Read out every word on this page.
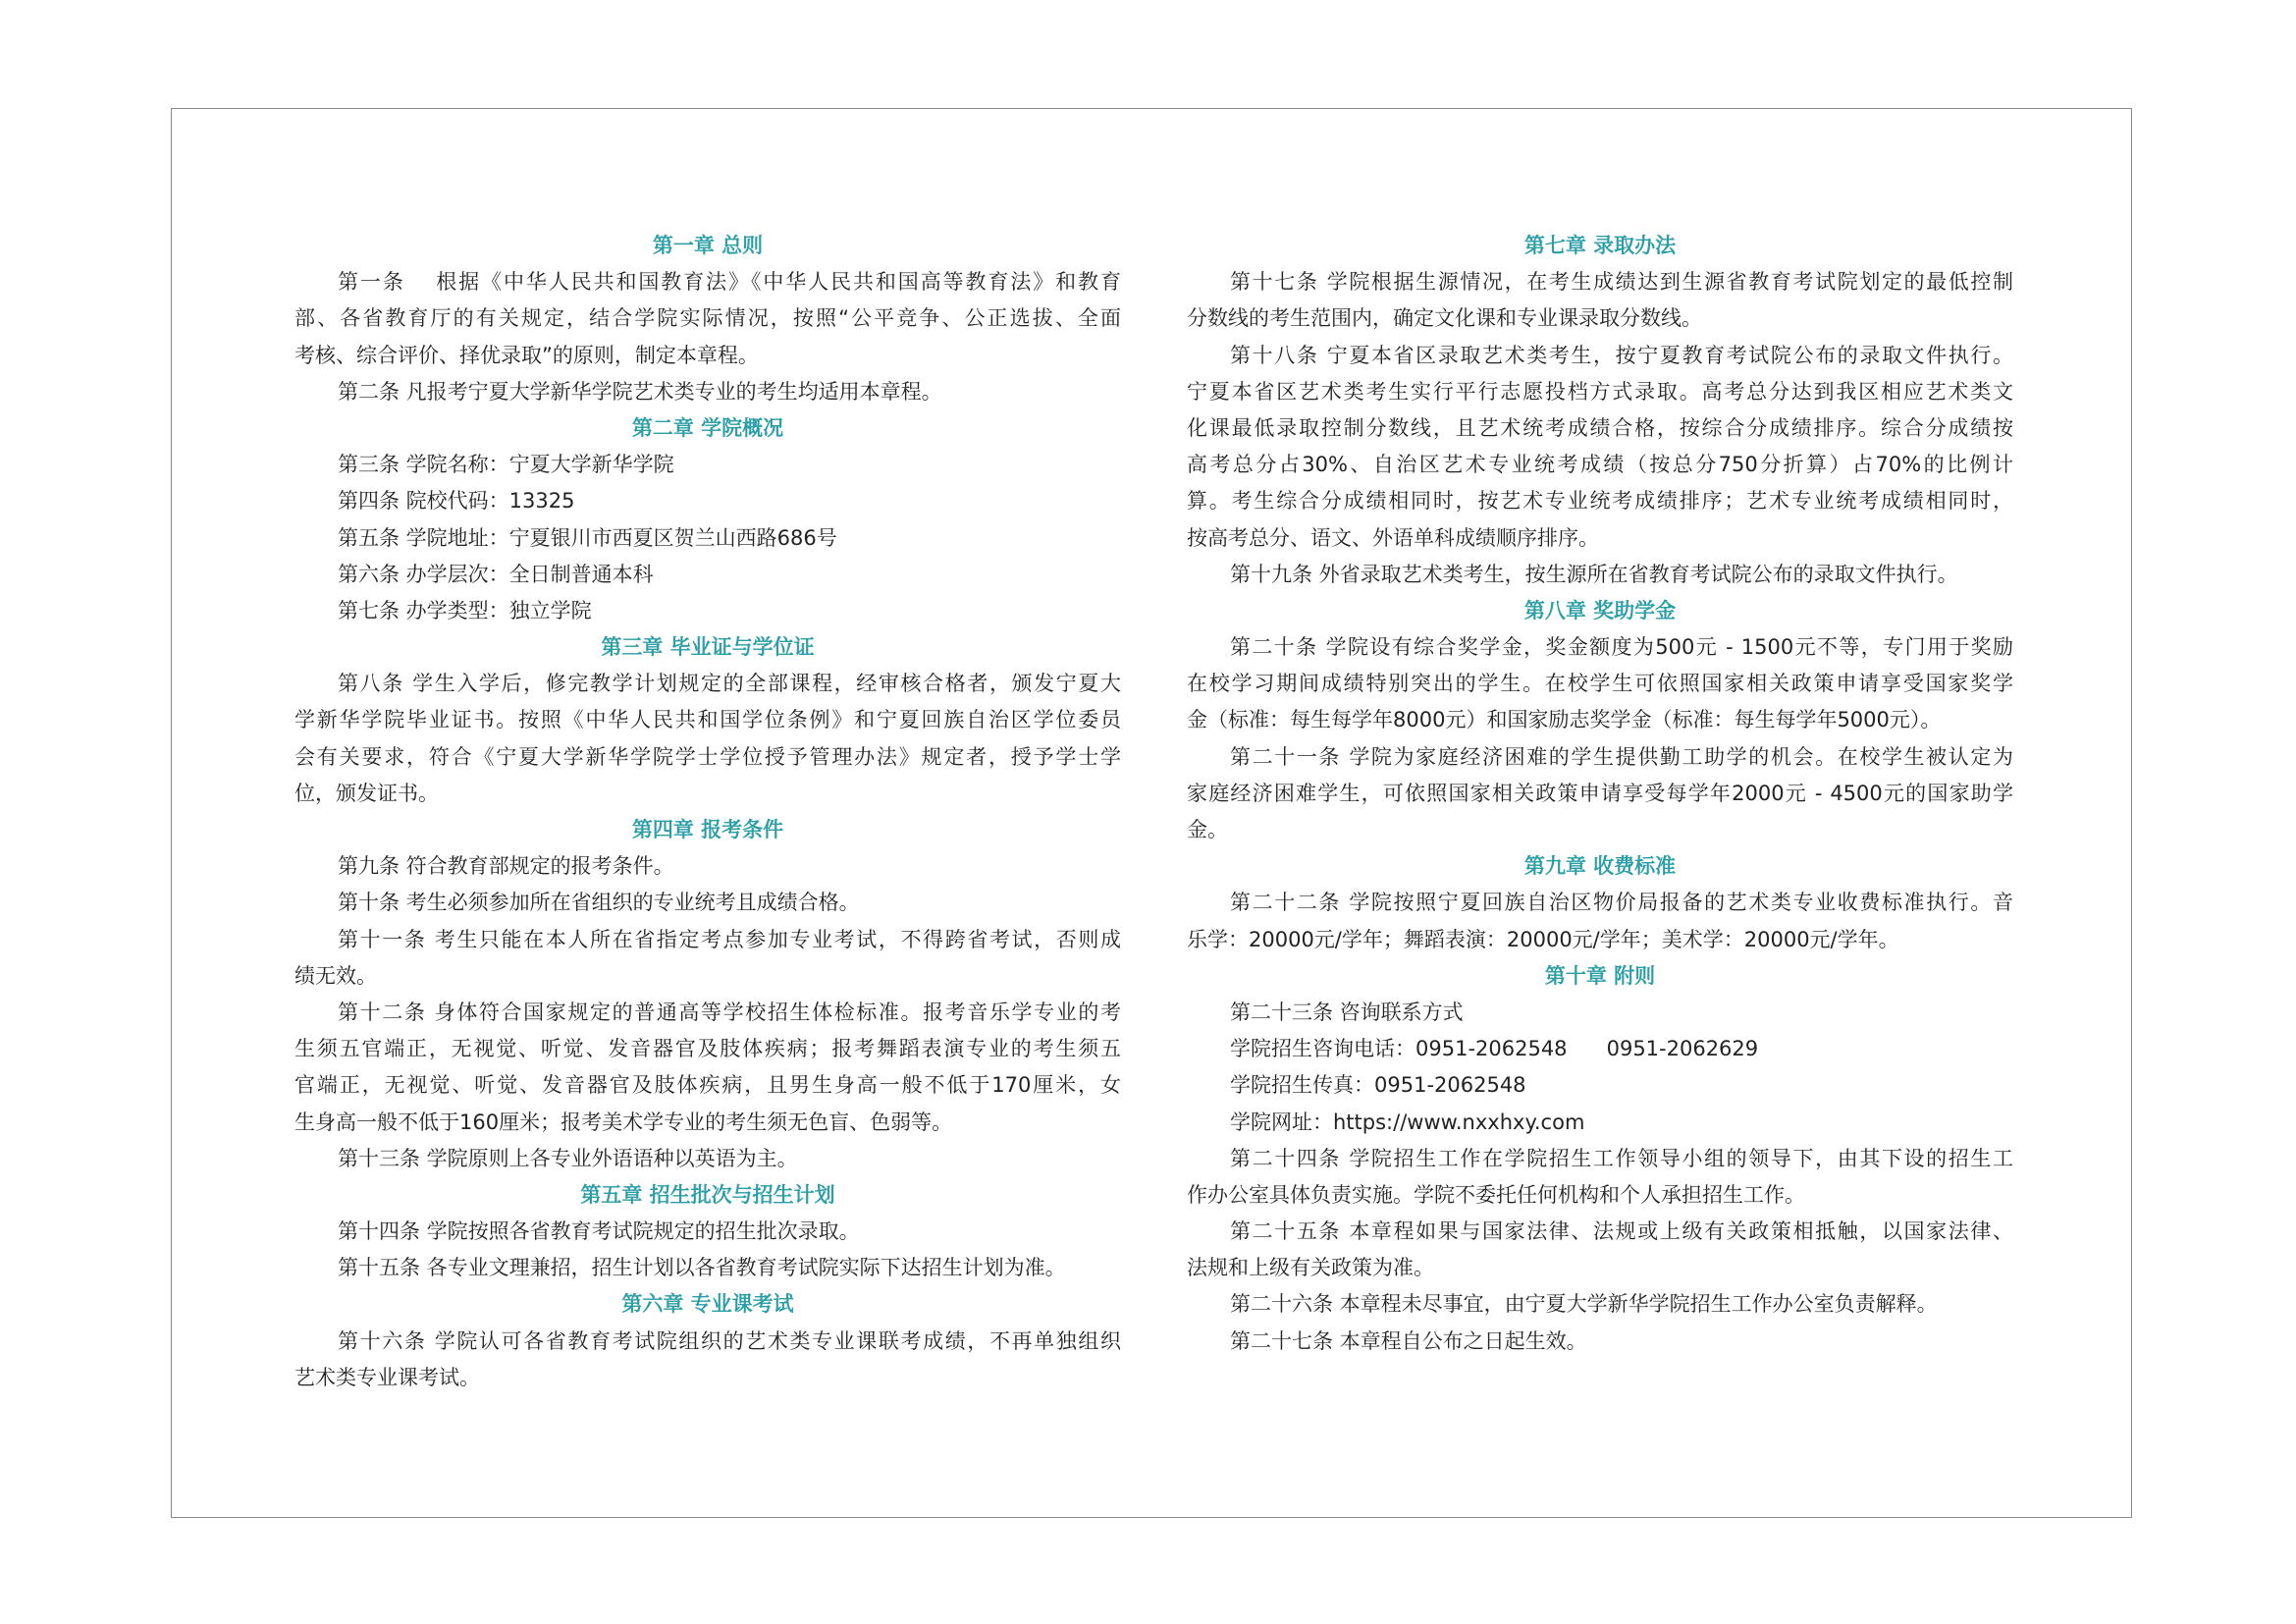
第一章 总则
第一条　 根据《中华人民共和国教育法》《中华人民共和国高等教育法》和教育
部、各省教育厅的有关规定，结合学院实际情况，按照“公平竞争、公正选拔、全面
考核、综合评价、择优录取”的原则，制定本章程。
第二条 凡报考宁夏大学新华学院艺术类专业的考生均适用本章程。
第二章 学院概况
第三条 学院名称：宁夏大学新华学院
第四条 院校代码：13325
第五条 学院地址：宁夏银川市西夏区贺兰山西路686号
第六条 办学层次：全日制普通本科
第七条 办学类型：独立学院
第三章 毕业证与学位证
第八条 学生入学后，修完教学计划规定的全部课程，经审核合格者，颁发宁夏大
学新华学院毕业证书。按照《中华人民共和国学位条例》和宁夏回族自治区学位委员
会有关要求，符合《宁夏大学新华学院学士学位授予管理办法》规定者，授予学士学
位，颁发证书。
第四章 报考条件
第九条 符合教育部规定的报考条件。
第十条 考生必须参加所在省组织的专业统考且成绩合格。
第十一条 考生只能在本人所在省指定考点参加专业考试，不得跨省考试，否则成
绩无效。
第十二条 身体符合国家规定的普通高等学校招生体检标准。报考音乐学专业的考
生须五官端正，无视觉、听觉、发音器官及肢体疾病；报考舞蹈表演专业的考生须五
官端正，无视觉、听觉、发音器官及肢体疾病，且男生身高一般不低于170厘米，女
生身高一般不低于160厘米；报考美术学专业的考生须无色盲、色弱等。
第十三条 学院原则上各专业外语语种以英语为主。
第五章 招生批次与招生计划
第十四条 学院按照各省教育考试院规定的招生批次录取。
第十五条 各专业文理兼招，招生计划以各省教育考试院实际下达招生计划为准。
第六章 专业课考试
第十六条 学院认可各省教育考试院组织的艺术类专业课联考成绩，不再单独组织
艺术类专业课考试。
第七章 录取办法
第十七条 学院根据生源情况，在考生成绩达到生源省教育考试院划定的最低控制
分数线的考生范围内，确定文化课和专业课录取分数线。
第十八条 宁夏本省区录取艺术类考生，按宁夏教育考试院公布的录取文件执行。
宁夏本省区艺术类考生实行平行志愿投档方式录取。高考总分达到我区相应艺术类文
化课最低录取控制分数线，且艺术统考成绩合格，按综合分成绩排序。综合分成绩按
高考总分占30%、自治区艺术专业统考成绩（按总分750分折算）占70%的比例计
算。考生综合分成绩相同时，按艺术专业统考成绩排序；艺术专业统考成绩相同时，
按高考总分、语文、外语单科成绩顺序排序。
第十九条 外省录取艺术类考生，按生源所在省教育考试院公布的录取文件执行。
第八章 奖助学金
第二十条 学院设有综合奖学金，奖金额度为500元 - 1500元不等，专门用于奖励
在校学习期间成绩特别突出的学生。在校学生可依照国家相关政策申请享受国家奖学
金（标准：每生每学年8000元）和国家励志奖学金（标准：每生每学年5000元）。
第二十一条 学院为家庭经济困难的学生提供勤工助学的机会。在校学生被认定为
家庭经济困难学生，可依照国家相关政策申请享受每学年2000元 - 4500元的国家助学
金。
第九章 收费标准
第二十二条 学院按照宁夏回族自治区物价局报备的艺术类专业收费标准执行。音
乐学：20000元/学年；舞蹈表演：20000元/学年；美术学：20000元/学年。
第十章 附则
第二十三条 咨询联系方式
学院招生咨询电话：0951-2062548      0951-2062629
学院招生传真：0951-2062548
学院网址：https://www.nxxhxy.com
第二十四条 学院招生工作在学院招生工作领导小组的领导下，由其下设的招生工
作办公室具体负责实施。学院不委托任何机构和个人承担招生工作。
第二十五条 本章程如果与国家法律、法规或上级有关政策相抵触，以国家法律、
法规和上级有关政策为准。
第二十六条 本章程未尽事宜，由宁夏大学新华学院招生工作办公室负责解释。
第二十七条 本章程自公布之日起生效。
